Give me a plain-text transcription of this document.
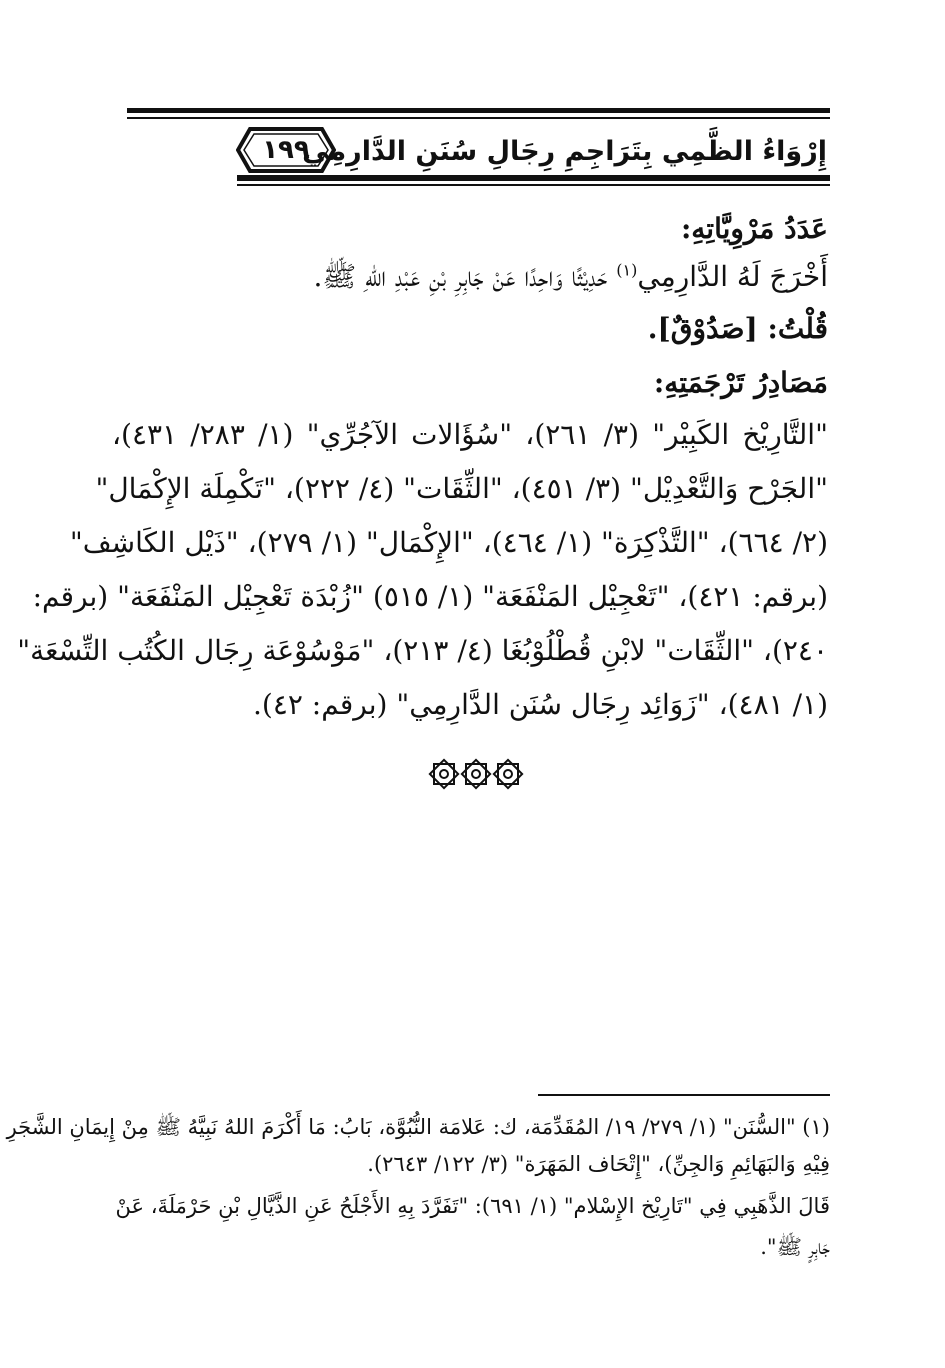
١٩٩
إِرْوَاءُ الظَّمِي بِتَرَاجِمِ رِجَالِ سُنَنِ الدَّارِمِي
عَدَدُ مَرْوِيَّاتِهِ:
أَخْرَجَ لَهُ الدَّارِمِي$^{(١)}$ حَدِيْثًا وَاحِدًا عَنْ جَابِرِ بْنِ عَبْدِ اللهِ ﷺ.
قُلْتُ: [صَدُوْقٌ].
مَصَادِرُ تَرْجَمَتِهِ:
"التَّارِيْخ الكَبِيْر" (٣/ ٢٦١)، "سُؤَالات الآجُرِّي" (١/ ٢٨٣/ ٤٣١)،
"الجَرْح وَالتَّعْدِيْل" (٣/ ٤٥١)، "الثِّقَات" (٤/ ٢٢٢)، "تَكْمِلَة الإِكْمَال"
(٢/ ٦٦٤)، "التَّذْكِرَة" (١/ ٤٦٤)، "الإِكْمَال" (١/ ٢٧٩)، "ذَيْل الكَاشِف"
(برقم: ٤٢١)، "تَعْجِيْل المَنْفَعَة" (١/ ٥١٥) "زُبْدَة تَعْجِيْل المَنْفَعَة" (برقم:
٢٤٠)، "الثِّقَات" لابْنِ قُطْلُوْبُغَا (٤/ ٢١٣)، "مَوْسُوْعَة رِجَال الكُتُب التِّسْعَة"
(١/ ٤٨١)، "زَوَائِد رِجَال سُنَن الدَّارِمِي" (برقم: ٤٢).
(١) "السُّنَن" (١/ ٢٧٩/ ١٩/ المُقَدِّمَة، ك: عَلامَة النُّبُوَّة، بَابُ: مَا أَكْرَمَ اللهُ نَبِيَّهُ ﷺ مِنْ إِيمَانِ الشَّجَرِ
فِيْهِ وَالبَهَائِمِ وَالجِنِّ)، "إِتْحَاف المَهَرَة" (٣/ ١٢٢/ ٢٦٤٣).
قَالَ الذَّهَبِي فِي "تَارِيْخ الإِسْلام" (١/ ٦٩١): "تَفَرَّدَ بِهِ الأَجْلَحُ عَنِ الذَّيَّالِ بْنِ حَرْمَلَةَ، عَنْ
جَابِرٍ ﷺ".
